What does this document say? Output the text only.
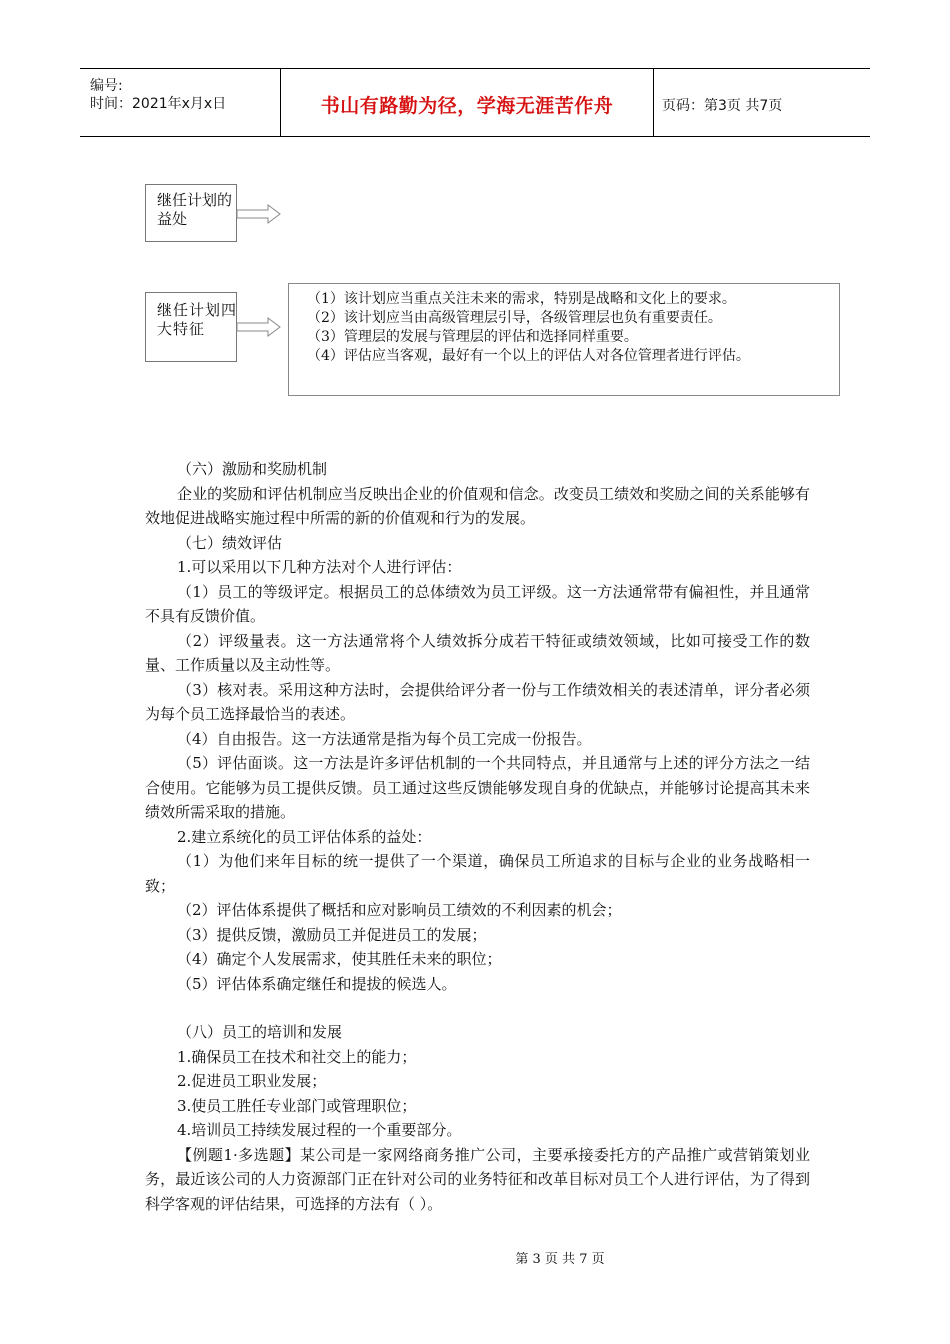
编号:
时间：2021年x月x日	书山有路勤为径，学海无涯苦作舟	页码：第3页 共7页
继任计划的益处
继任计划四大特征
（1）该计划应当重点关注未来的需求，特别是战略和文化上的要求。
（2）该计划应当由高级管理层引导，各级管理层也负有重要责任。
（3）管理层的发展与管理层的评估和选择同样重要。
（4）评估应当客观，最好有一个以上的评估人对各位管理者进行评估。

（六）激励和奖励机制

企业的奖励和评估机制应当反映出企业的价值观和信念。改变员工绩效和奖励之间的关系能够有效地促进战略实施过程中所需的新的价值观和行为的发展。

（七）绩效评估

1.可以采用以下几种方法对个人进行评估：

（1）员工的等级评定。根据员工的总体绩效为员工评级。这一方法通常带有偏袒性，并且通常不具有反馈价值。

（2）评级量表。这一方法通常将个人绩效拆分成若干特征或绩效领域，比如可接受工作的数量、工作质量以及主动性等。

（3）核对表。采用这种方法时，会提供给评分者一份与工作绩效相关的表述清单，评分者必须为每个员工选择最恰当的表述。

（4）自由报告。这一方法通常是指为每个员工完成一份报告。

（5）评估面谈。这一方法是许多评估机制的一个共同特点，并且通常与上述的评分方法之一结合使用。它能够为员工提供反馈。员工通过这些反馈能够发现自身的优缺点，并能够讨论提高其未来绩效所需采取的措施。

2.建立系统化的员工评估体系的益处：

（1）为他们来年目标的统一提供了一个渠道，确保员工所追求的目标与企业的业务战略相一致；

（2）评估体系提供了概括和应对影响员工绩效的不利因素的机会；

（3）提供反馈，激励员工并促进员工的发展；

（4）确定个人发展需求，使其胜任未来的职位；

（5）评估体系确定继任和提拔的候选人。

（八）员工的培训和发展

1.确保员工在技术和社交上的能力；

2.促进员工职业发展；

3.使员工胜任专业部门或管理职位；

4.培训员工持续发展过程的一个重要部分。

【例题1·多选题】某公司是一家网络商务推广公司，主要承接委托方的产品推广或营销策划业务，最近该公司的人力资源部门正在针对公司的业务特征和改革目标对员工个人进行评估，为了得到科学客观的评估结果，可选择的方法有（ ）。

第 3 页 共 7 页
